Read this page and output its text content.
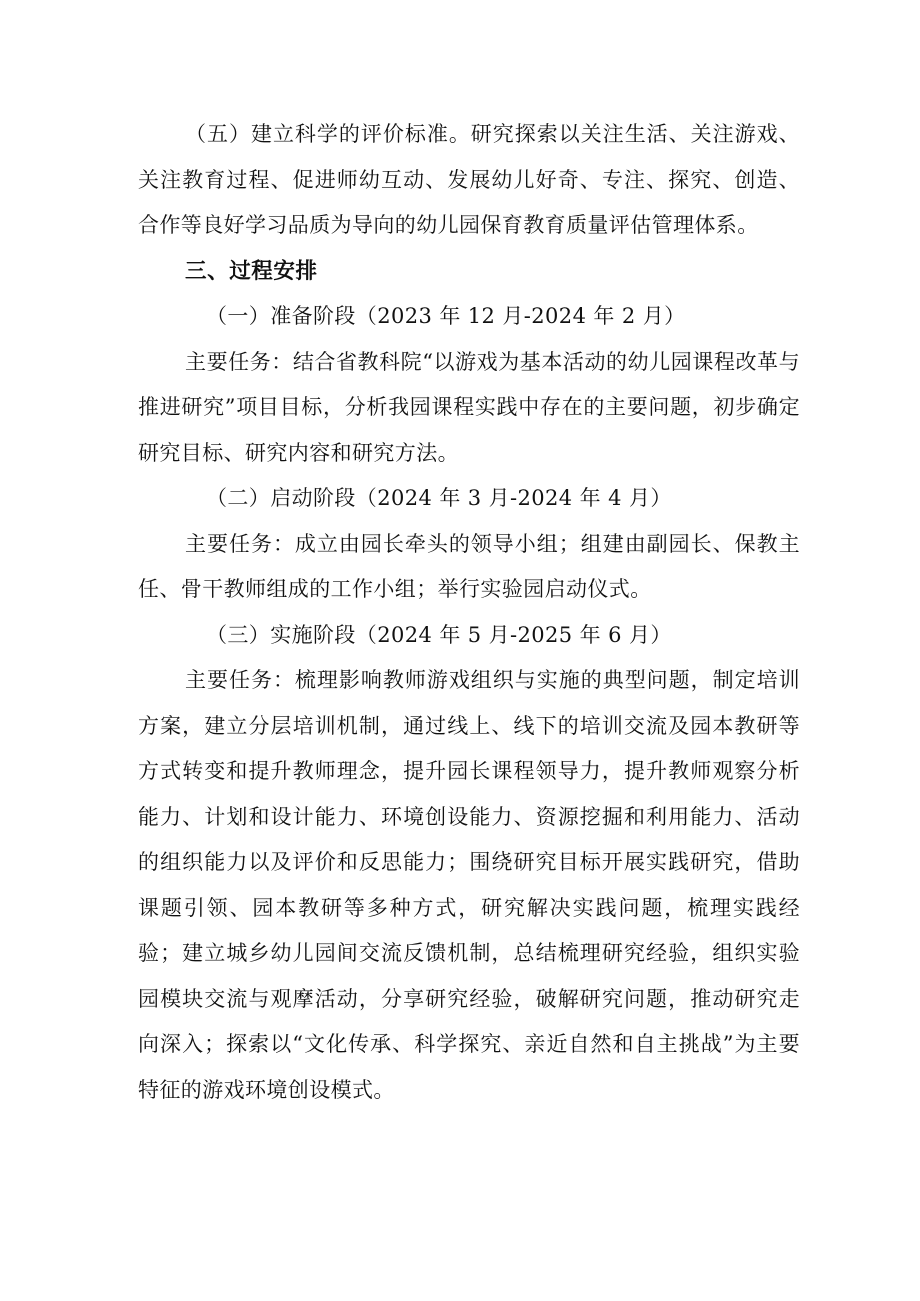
（五）建立科学的评价标准。研究探索以关注生活、关注游戏、关注教育过程、促进师幼互动、发展幼儿好奇、专注、探究、创造、合作等良好学习品质为导向的幼儿园保育教育质量评估管理体系。

三、过程安排

（一）准备阶段（2023 年 12 月-2024 年 2 月）

主要任务：结合省教科院“以游戏为基本活动的幼儿园课程改革与推进研究”项目目标，分析我园课程实践中存在的主要问题，初步确定研究目标、研究内容和研究方法。

（二）启动阶段（2024 年 3 月-2024 年 4 月）

主要任务：成立由园长牵头的领导小组；组建由副园长、保教主任、骨干教师组成的工作小组；举行实验园启动仪式。

（三）实施阶段（2024 年 5 月-2025 年 6 月）

主要任务：梳理影响教师游戏组织与实施的典型问题，制定培训方案，建立分层培训机制，通过线上、线下的培训交流及园本教研等方式转变和提升教师理念，提升园长课程领导力，提升教师观察分析能力、计划和设计能力、环境创设能力、资源挖掘和利用能力、活动的组织能力以及评价和反思能力；围绕研究目标开展实践研究，借助课题引领、园本教研等多种方式，研究解决实践问题，梳理实践经验；建立城乡幼儿园间交流反馈机制，总结梳理研究经验，组织实验园模块交流与观摩活动，分享研究经验，破解研究问题，推动研究走向深入；探索以“文化传承、科学探究、亲近自然和自主挑战”为主要特征的游戏环境创设模式。
